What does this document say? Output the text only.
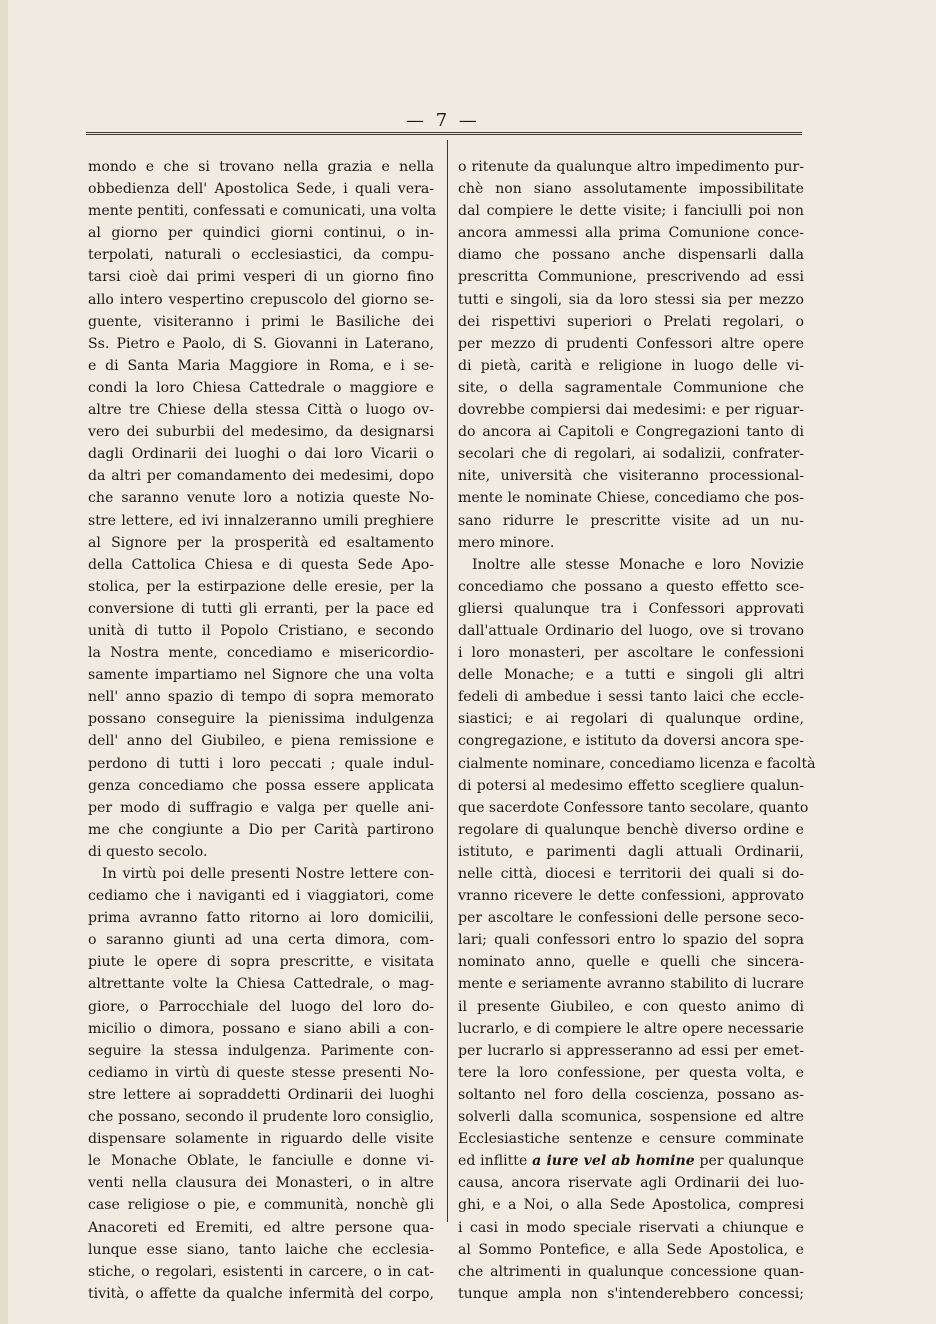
— 7 —
mondo e che si trovano nella grazia e nella
obbedienza dell' Apostolica Sede, i quali vera-
mente pentiti, confessati e comunicati, una volta
al giorno per quindici giorni continui, o in-
terpolati, naturali o ecclesiastici, da compu-
tarsi cioè dai primi vesperi di un giorno fino
allo intero vespertino crepuscolo del giorno se-
guente, visiteranno i primi le Basiliche dei
Ss. Pietro e Paolo, di S. Giovanni in Laterano,
e di Santa Maria Maggiore in Roma, e i se-
condi la loro Chiesa Cattedrale o maggiore e
altre tre Chiese della stessa Città o luogo ov-
vero dei suburbii del medesimo, da designarsi
dagli Ordinarii dei luoghi o dai loro Vicarii o
da altri per comandamento dei medesimi, dopo
che saranno venute loro a notizia queste No-
stre lettere, ed ivi innalzeranno umili preghiere
al Signore per la prosperità ed esaltamento
della Cattolica Chiesa e di questa Sede Apo-
stolica, per la estirpazione delle eresie, per la
conversione di tutti gli erranti, per la pace ed
unità di tutto il Popolo Cristiano, e secondo
la Nostra mente, concediamo e misericordio-
samente impartiamo nel Signore che una volta
nell' anno spazio di tempo di sopra memorato
possano conseguire la pienissima indulgenza
dell' anno del Giubileo, e piena remissione e
perdono di tutti i loro peccati ; quale indul-
genza concediamo che possa essere applicata
per modo di suffragio e valga per quelle ani-
me che congiunte a Dio per Carità partirono
di questo secolo.
In virtù poi delle presenti Nostre lettere con-
cediamo che i naviganti ed i viaggiatori, come
prima avranno fatto ritorno ai loro domicilii,
o saranno giunti ad una certa dimora, com-
piute le opere di sopra prescritte, e visitata
altrettante volte la Chiesa Cattedrale, o mag-
giore, o Parrocchiale del luogo del loro do-
micilio o dimora, possano e siano abili a con-
seguire la stessa indulgenza. Parimente con-
cediamo in virtù di queste stesse presenti No-
stre lettere ai sopraddetti Ordinarii dei luoghi
che possano, secondo il prudente loro consiglio,
dispensare solamente in riguardo delle visite
le Monache Oblate, le fanciulle e donne vi-
venti nella clausura dei Monasteri, o in altre
case religiose o pie, e communità, nonchè gli
Anacoreti ed Eremiti, ed altre persone qua-
lunque esse siano, tanto laiche che ecclesia-
stiche, o regolari, esistenti in carcere, o in cat-
tività, o affette da qualche infermità del corpo,
o ritenute da qualunque altro impedimento pur-
chè non siano assolutamente impossibilitate
dal compiere le dette visite; i fanciulli poi non
ancora ammessi alla prima Comunione conce-
diamo che possano anche dispensarli dalla
prescritta Communione, prescrivendo ad essi
tutti e singoli, sia da loro stessi sia per mezzo
dei rispettivi superiori o Prelati regolari, o
per mezzo di prudenti Confessori altre opere
di pietà, carità e religione in luogo delle vi-
site, o della sagramentale Communione che
dovrebbe compiersi dai medesimi: e per riguar-
do ancora ai Capitoli e Congregazioni tanto di
secolari che di regolari, ai sodalizii, confrater-
nite, università che visiteranno processional-
mente le nominate Chiese, concediamo che pos-
sano ridurre le prescritte visite ad un nu-
mero minore.
Inoltre alle stesse Monache e loro Novizie
concediamo che possano a questo effetto sce-
gliersi qualunque tra i Confessori approvati
dall'attuale Ordinario del luogo, ove si trovano
i loro monasteri, per ascoltare le confessioni
delle Monache; e a tutti e singoli gli altri
fedeli di ambedue i sessi tanto laici che eccle-
siastici; e ai regolari di qualunque ordine,
congregazione, e istituto da doversi ancora spe-
cialmente nominare, concediamo licenza e facoltà
di potersi al medesimo effetto scegliere qualun-
que sacerdote Confessore tanto secolare, quanto
regolare di qualunque benchè diverso ordine e
istituto, e parimenti dagli attuali Ordinarii,
nelle città, diocesi e territorii dei quali si do-
vranno ricevere le dette confessioni, approvato
per ascoltare le confessioni delle persone seco-
lari; quali confessori entro lo spazio del sopra
nominato anno, quelle e quelli che sincera-
mente e seriamente avranno stabilito di lucrare
il presente Giubileo, e con questo animo di
lucrarlo, e di compiere le altre opere necessarie
per lucrarlo si appresseranno ad essi per emet-
tere la loro confessione, per questa volta, e
soltanto nel foro della coscienza, possano as-
solverli dalla scomunica, sospensione ed altre
Ecclesiastiche sentenze e censure comminate
ed inflitte a iure vel ab homine per qualunque
causa, ancora riservate agli Ordinarii dei luo-
ghi, e a Noi, o alla Sede Apostolica, compresi
i casi in modo speciale riservati a chiunque e
al Sommo Pontefice, e alla Sede Apostolica, e
che altrimenti in qualunque concessione quan-
tunque ampla non s'intenderebbero concessi;
